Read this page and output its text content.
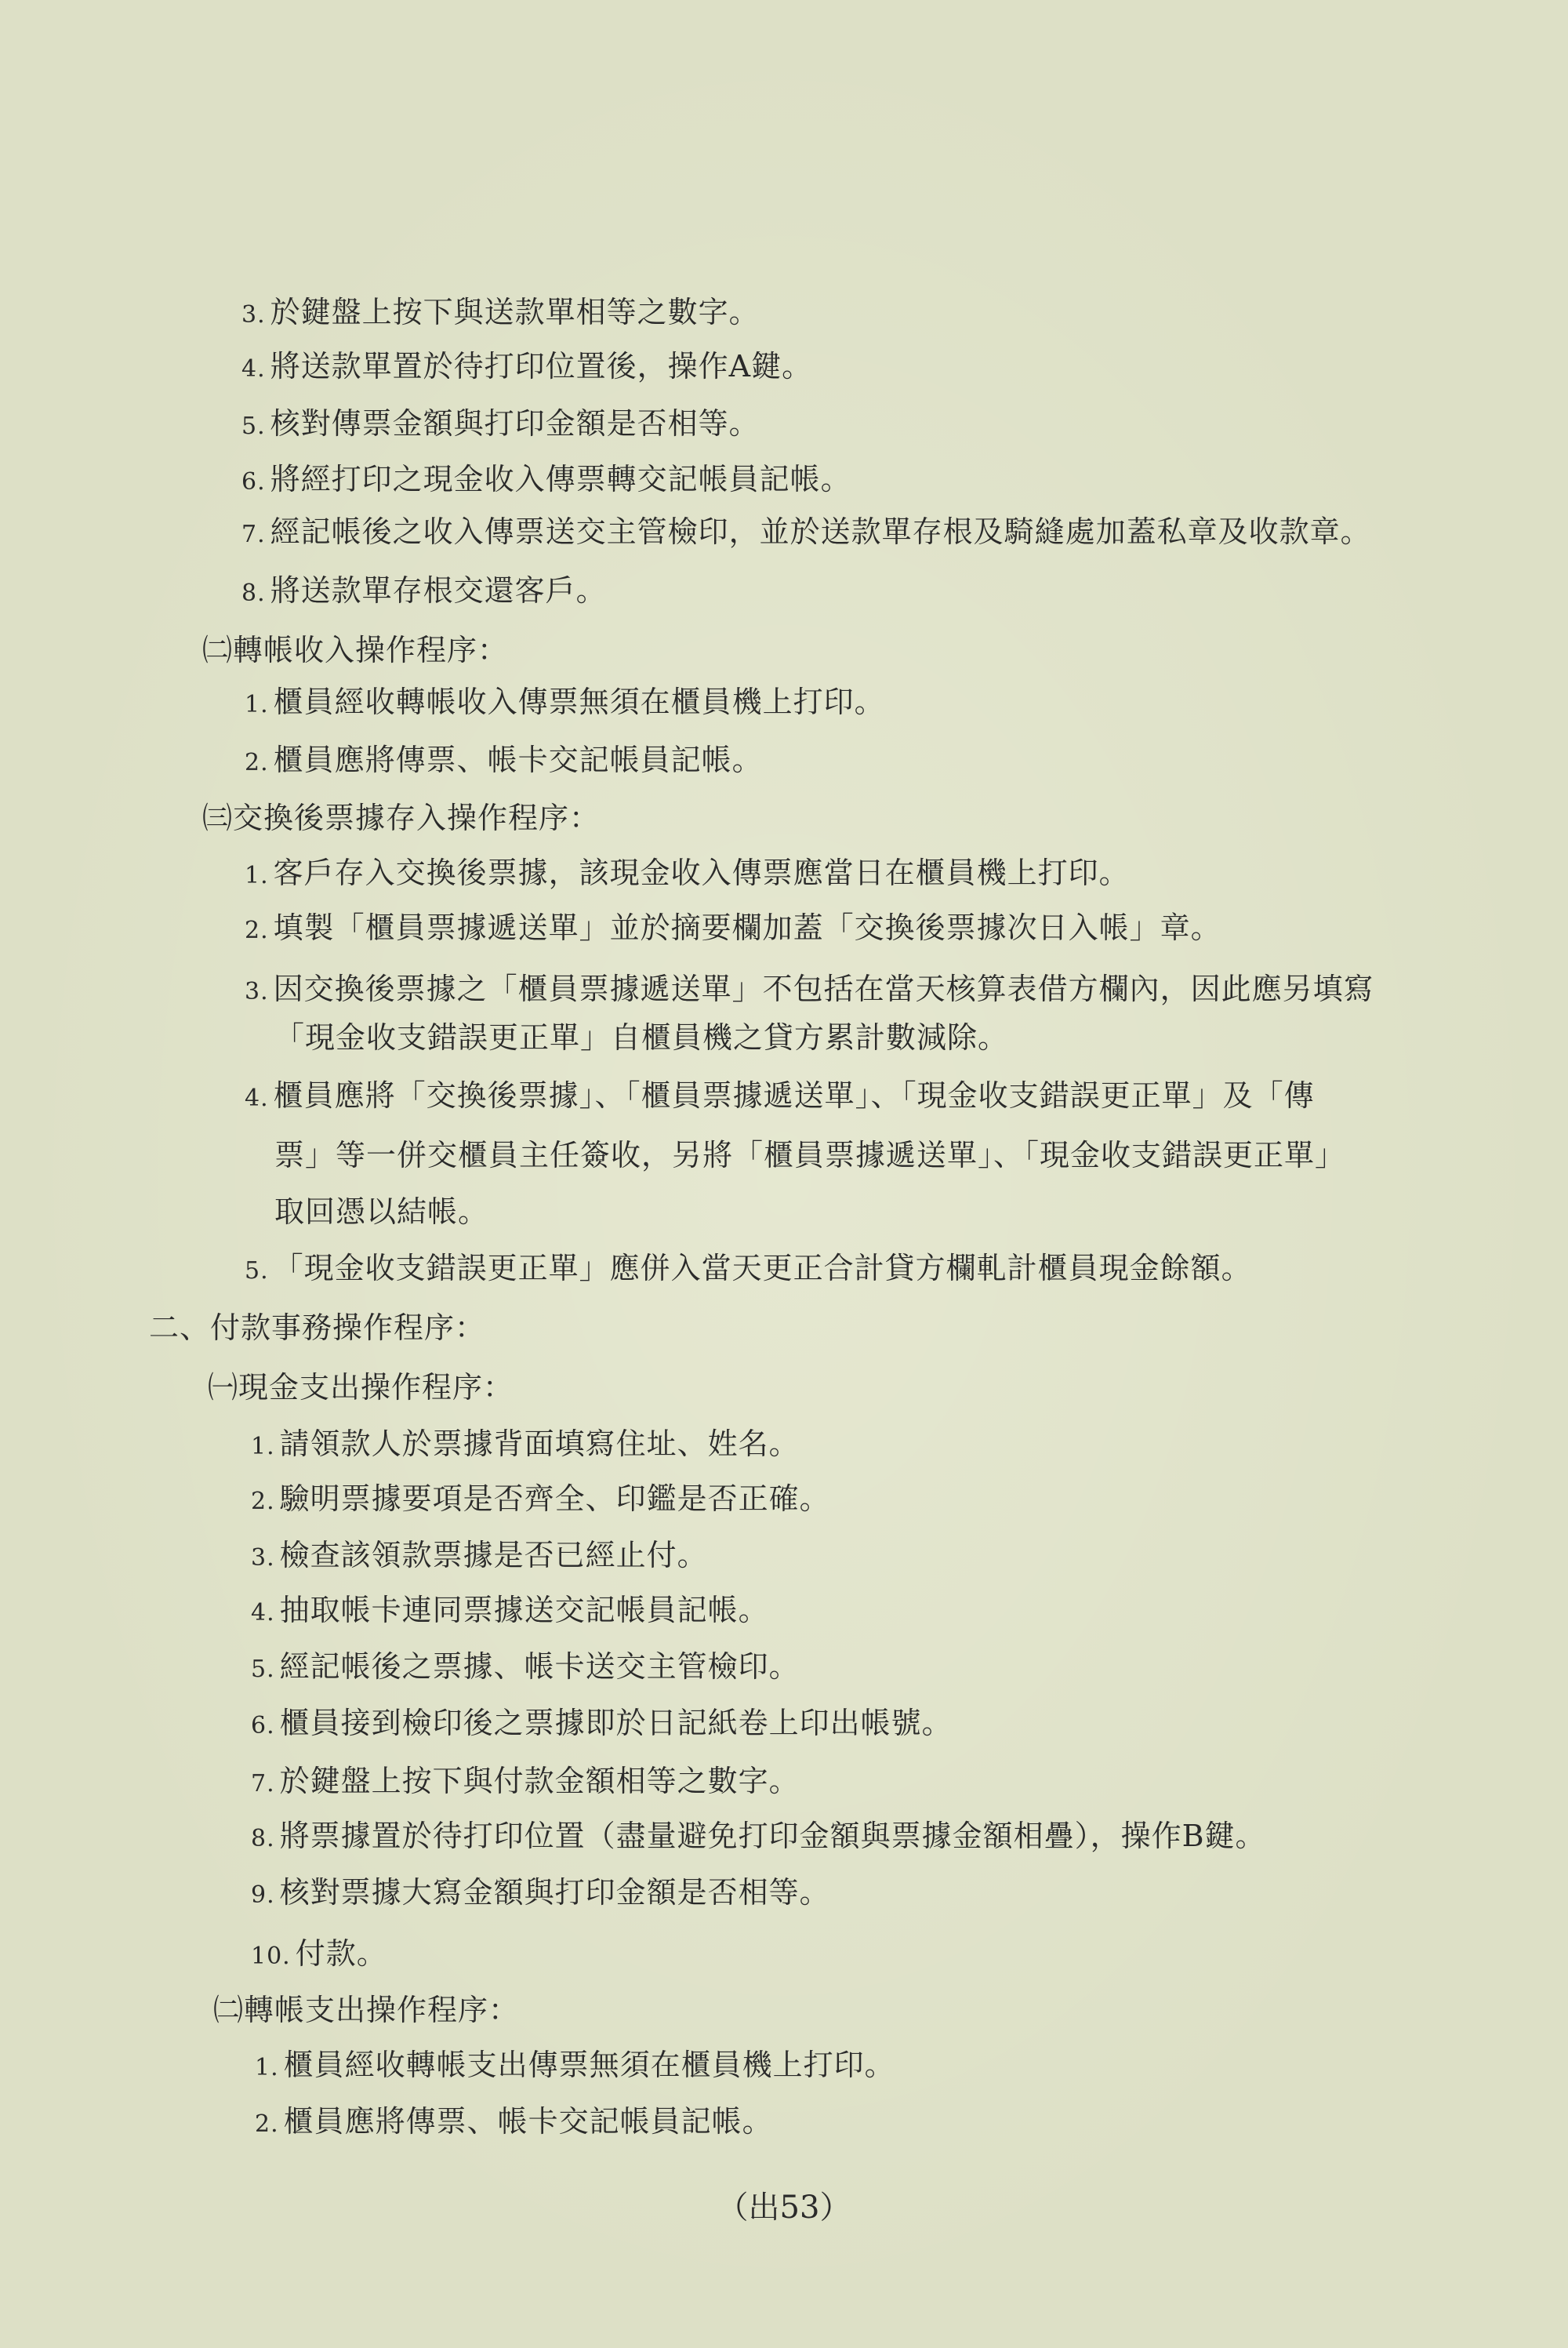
3. 於鍵盤上按下與送款單相等之數字。
4. 將送款單置於待打印位置後，操作A鍵。
5. 核對傳票金額與打印金額是否相等。
6. 將經打印之現金收入傳票轉交記帳員記帳。
7. 經記帳後之收入傳票送交主管檢印，並於送款單存根及騎縫處加蓋私章及收款章。
8. 將送款單存根交還客戶。
㈡轉帳收入操作程序：
1. 櫃員經收轉帳收入傳票無須在櫃員機上打印。
2. 櫃員應將傳票、帳卡交記帳員記帳。
㈢交換後票據存入操作程序：
1. 客戶存入交換後票據，該現金收入傳票應當日在櫃員機上打印。
2. 填製「櫃員票據遞送單」並於摘要欄加蓋「交換後票據次日入帳」章。
3. 因交換後票據之「櫃員票據遞送單」不包括在當天核算表借方欄內，因此應另填寫
「現金收支錯誤更正單」自櫃員機之貸方累計數減除。
4. 櫃員應將「交換後票據」、「櫃員票據遞送單」、「現金收支錯誤更正單」及「傳
票」等一併交櫃員主任簽收，另將「櫃員票據遞送單」、「現金收支錯誤更正單」
取回憑以結帳。
5. 「現金收支錯誤更正單」應併入當天更正合計貸方欄軋計櫃員現金餘額。
二、付款事務操作程序：
㈠現金支出操作程序：
1. 請領款人於票據背面填寫住址、姓名。
2. 驗明票據要項是否齊全、印鑑是否正確。
3. 檢查該領款票據是否已經止付。
4. 抽取帳卡連同票據送交記帳員記帳。
5. 經記帳後之票據、帳卡送交主管檢印。
6. 櫃員接到檢印後之票據即於日記紙卷上印出帳號。
7. 於鍵盤上按下與付款金額相等之數字。
8. 將票據置於待打印位置（盡量避免打印金額與票據金額相疊），操作B鍵。
9. 核對票據大寫金額與打印金額是否相等。
10. 付款。
㈡轉帳支出操作程序：
1. 櫃員經收轉帳支出傳票無須在櫃員機上打印。
2. 櫃員應將傳票、帳卡交記帳員記帳。
（出53）
